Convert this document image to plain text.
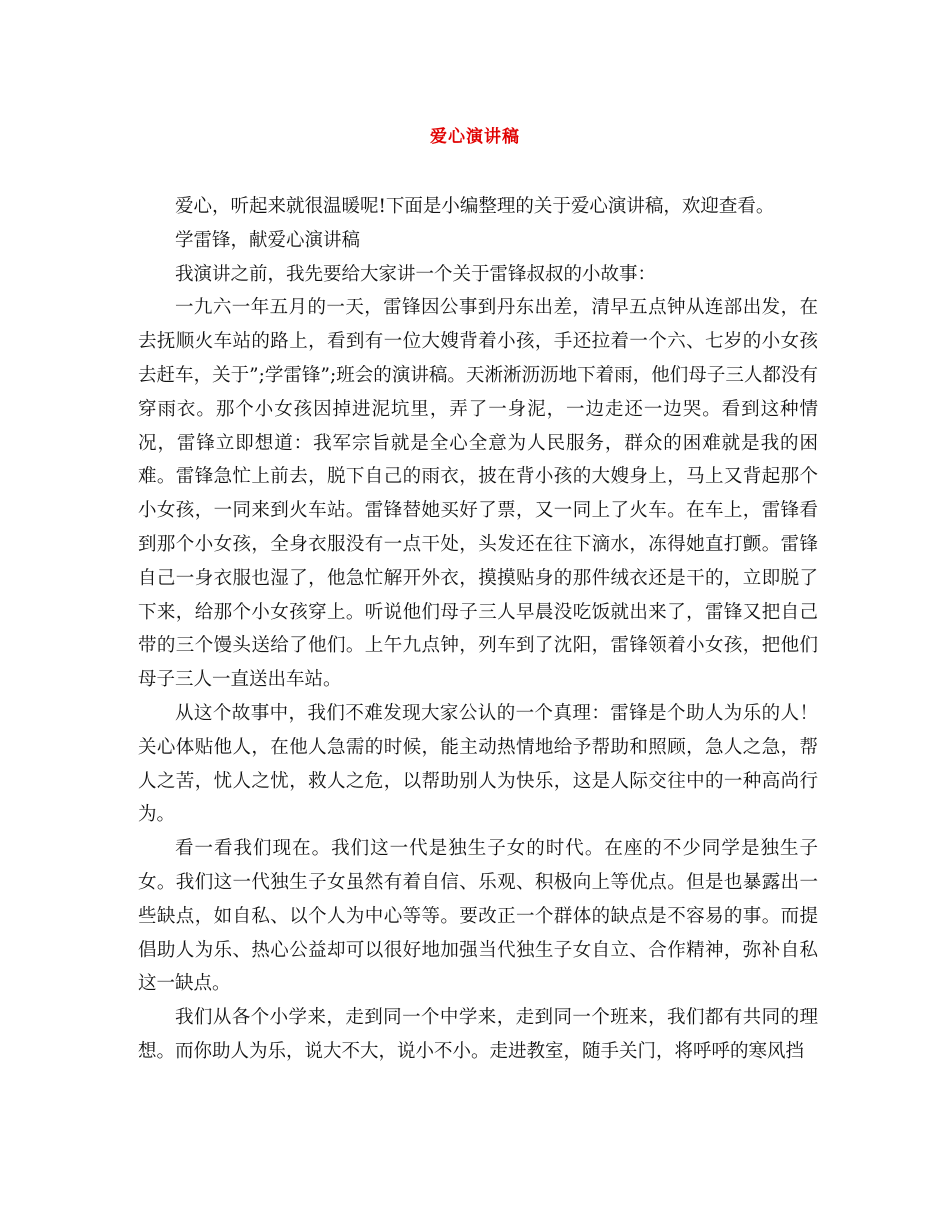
爱心演讲稿

爱心，听起来就很温暖呢!下面是小编整理的关于爱心演讲稿，欢迎查看。

学雷锋，献爱心演讲稿

我演讲之前，我先要给大家讲一个关于雷锋叔叔的小故事：

一九六一年五月的一天，雷锋因公事到丹东出差，清早五点钟从连部出发，在去抚顺火车站的路上，看到有一位大嫂背着小孩，手还拉着一个六、七岁的小女孩去赶车，关于”;学雷锋”;班会的演讲稿。天淅淅沥沥地下着雨，他们母子三人都没有穿雨衣。那个小女孩因掉进泥坑里，弄了一身泥，一边走还一边哭。看到这种情况，雷锋立即想道：我军宗旨就是全心全意为人民服务，群众的困难就是我的困难。雷锋急忙上前去，脱下自己的雨衣，披在背小孩的大嫂身上，马上又背起那个小女孩，一同来到火车站。雷锋替她买好了票，又一同上了火车。在车上，雷锋看到那个小女孩，全身衣服没有一点干处，头发还在往下滴水，冻得她直打颤。雷锋自己一身衣服也湿了，他急忙解开外衣，摸摸贴身的那件绒衣还是干的，立即脱了下来，给那个小女孩穿上。听说他们母子三人早晨没吃饭就出来了，雷锋又把自己带的三个馒头送给了他们。上午九点钟，列车到了沈阳，雷锋领着小女孩，把他们母子三人一直送出车站。

从这个故事中，我们不难发现大家公认的一个真理：雷锋是个助人为乐的人！关心体贴他人，在他人急需的时候，能主动热情地给予帮助和照顾，急人之急，帮人之苦，忧人之忧，救人之危，以帮助别人为快乐，这是人际交往中的一种高尚行为。

看一看我们现在。我们这一代是独生子女的时代。在座的不少同学是独生子女。我们这一代独生子女虽然有着自信、乐观、积极向上等优点。但是也暴露出一些缺点，如自私、以个人为中心等等。要改正一个群体的缺点是不容易的事。而提倡助人为乐、热心公益却可以很好地加强当代独生子女自立、合作精神，弥补自私这一缺点。

我们从各个小学来，走到同一个中学来，走到同一个班来，我们都有共同的理想。而你助人为乐，说大不大，说小不小。走进教室，随手关门，将呼呼的寒风挡
